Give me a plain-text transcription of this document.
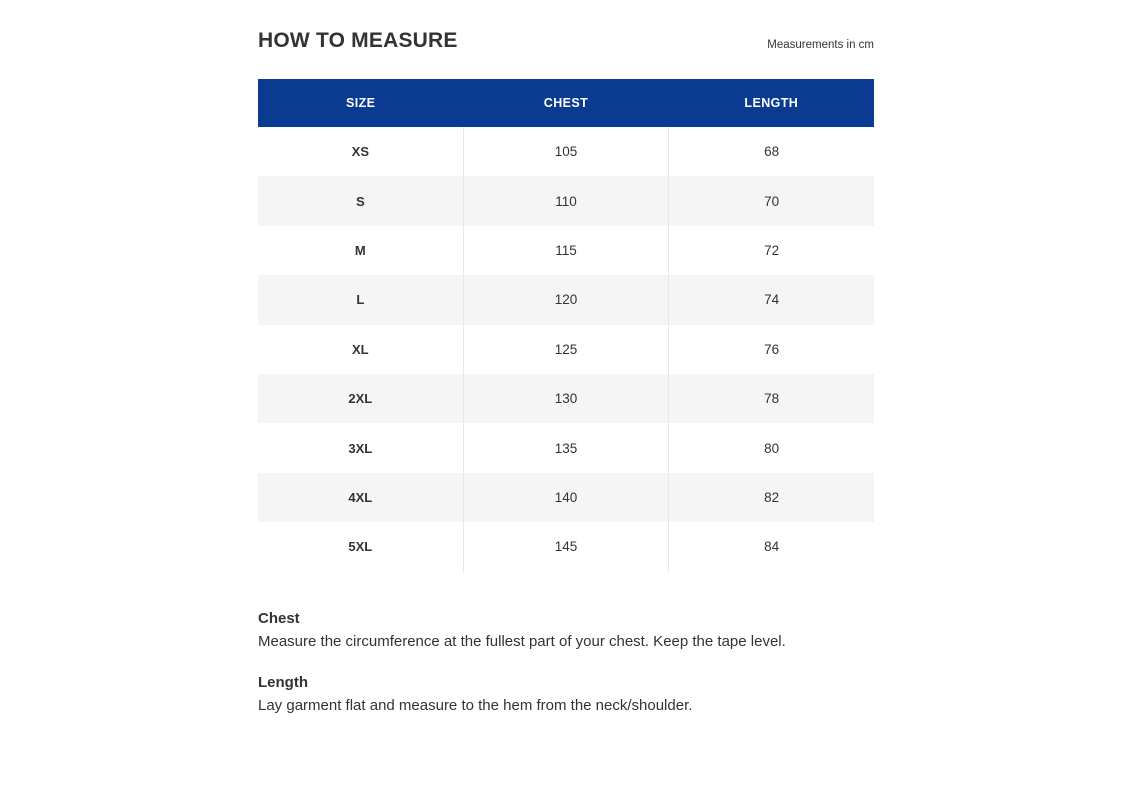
HOW TO MEASURE	Measurements in cm
SIZE	CHEST	LENGTH
XS	105	68
S	110	70
M	115	72
L	120	74
XL	125	76
2XL	130	78
3XL	135	80
4XL	140	82
5XL	145	84
Chest
Measure the circumference at the fullest part of your chest. Keep the tape level.
Length
Lay garment flat and measure to the hem from the neck/shoulder.
